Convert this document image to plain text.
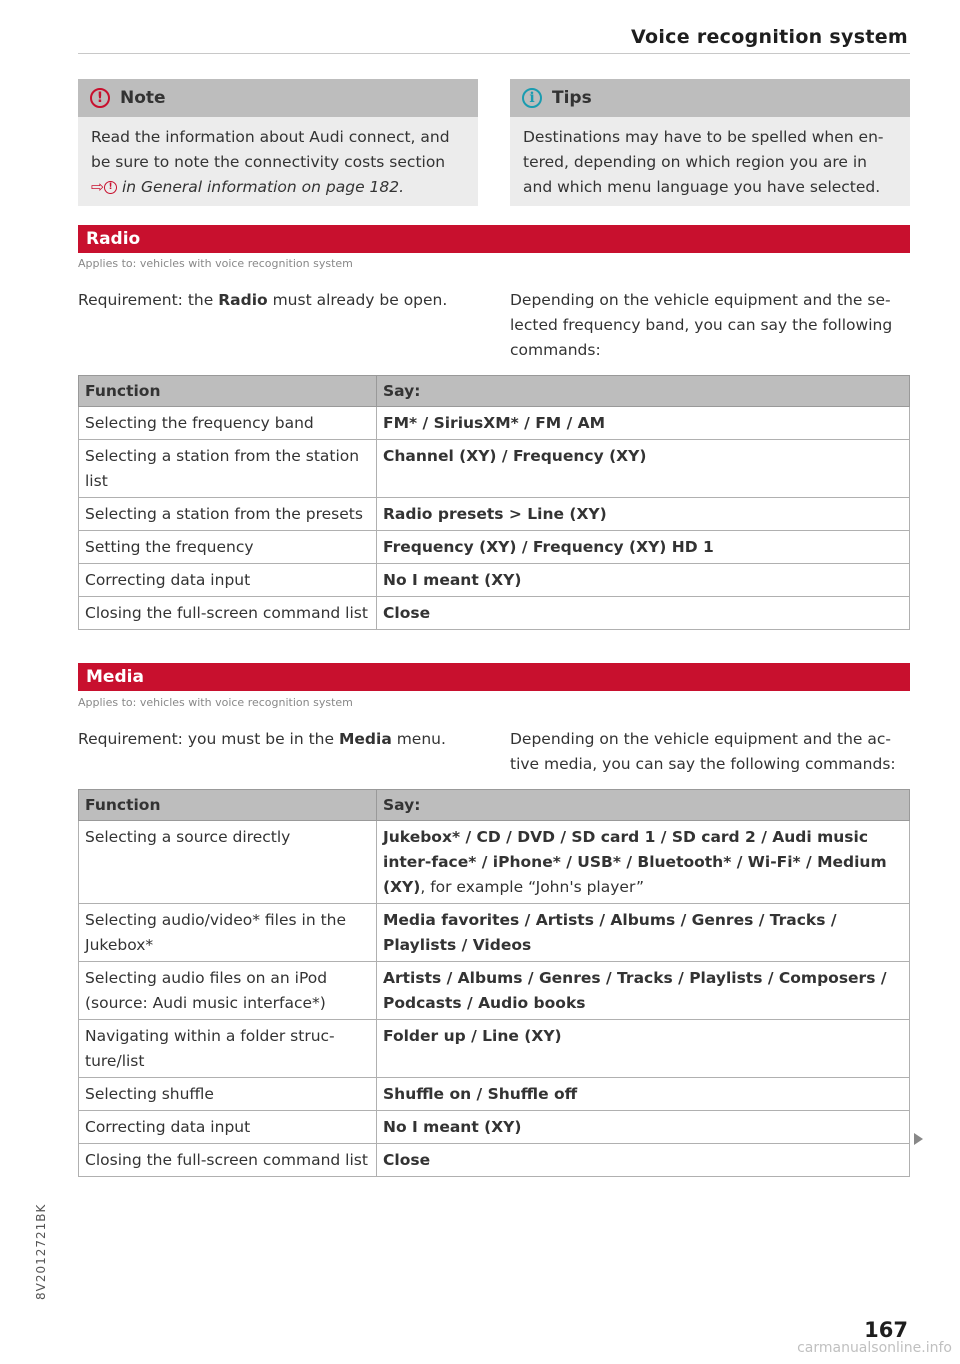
Voice recognition system
! Note
Read the information about Audi connect, and be sure to note the connectivity costs section
⇨ ! in General information on page 182.
i	Tips
Destinations may have to be spelled when en-tered, depending on which region you are in and which menu language you have selected.
Radio
Applies to: vehicles with voice recognition system
Requirement: the Radio must already be open.	Depending on the vehicle equipment and the se-lected frequency band, you can say the following commands:
Function	Say:
Selecting the frequency band	FM* / SiriusXM* / FM / AM
Selecting a station from the station list	Channel (XY) / Frequency (XY)
Selecting a station from the presets	Radio presets > Line (XY)
Setting the frequency	Frequency (XY) / Frequency (XY) HD 1
Correcting data input	No I meant (XY)
Closing the full-screen command list	Close
Media
Applies to: vehicles with voice recognition system
Requirement: you must be in the Media menu.	Depending on the vehicle equipment and the ac-tive media, you can say the following commands:
Function	Say:
Selecting a source directly	Jukebox* / CD / DVD / SD card 1 / SD card 2 / Audi music inter-face* / iPhone* / USB* / Bluetooth* / Wi-Fi* / Medium (XY), for example “John's player”
Selecting audio/video* files in the Jukebox*	Media favorites / Artists / Albums / Genres / Tracks / Playlists / Videos
Selecting audio files on an iPod (source: Audi music interface*)	Artists / Albums / Genres / Tracks / Playlists / Composers / Podcasts / Audio books
Navigating within a folder struc-ture/list	Folder up / Line (XY)
Selecting shuffle	Shuffle on / Shuffle off
Correcting data input	No I meant (XY)
Closing the full-screen command list	Close
167
8V2012721BK
carmanualsonline.info
